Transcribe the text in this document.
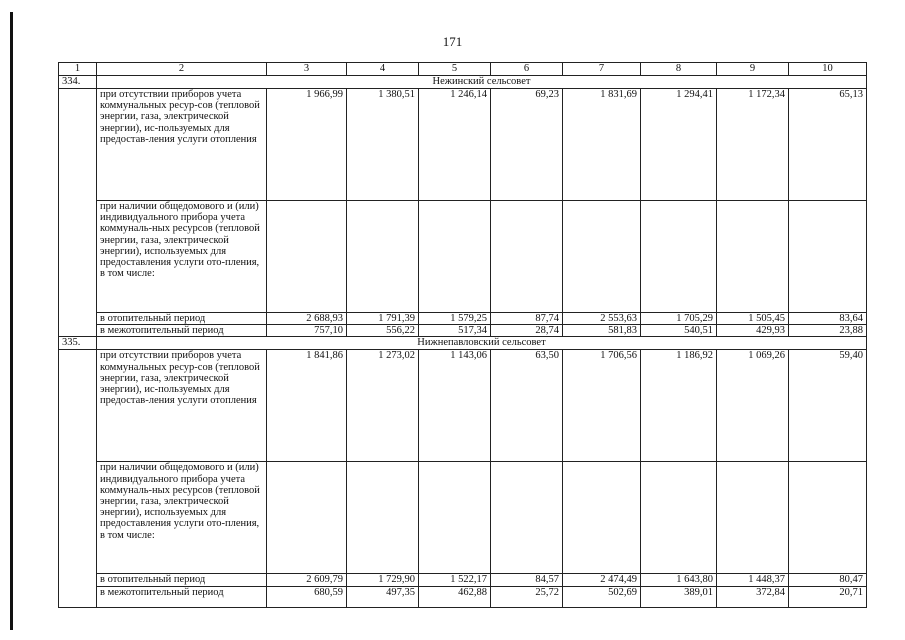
171
1	2	3	4	5	6	7	8	9	10
334.	Нежинский сельсовет								
	при отсутствии приборов учета коммунальных ресур-сов (тепловой энергии, газа, электрической энергии), ис-пользуемых для предостав-ления услуги отопления	1 966,99	1 380,51	1 246,14	69,23	1 831,69	1 294,41	1 172,34	65,13
	при наличии общедомового и (или) индивидуального прибора учета коммуналь-ных ресурсов (тепловой энергии, газа, электрической энергии), используемых для предоставления услуги ото-пления, в том числе:								
	в отопительный период	2 688,93	1 791,39	1 579,25	87,74	2 553,63	1 705,29	1 505,45	83,64
	в межотопительный период	757,10	556,22	517,34	28,74	581,83	540,51	429,93	23,88
335.	Нижнепавловский сельсовет								
	при отсутствии приборов учета коммунальных ресур-сов (тепловой энергии, газа, электрической энергии), ис-пользуемых для предостав-ления услуги отопления	1 841,86	1 273,02	1 143,06	63,50	1 706,56	1 186,92	1 069,26	59,40
	при наличии общедомового и (или) индивидуального прибора учета коммуналь-ных ресурсов (тепловой энергии, газа, электрической энергии), используемых для предоставления услуги ото-пления, в том числе:								
	в отопительный период	2 609,79	1 729,90	1 522,17	84,57	2 474,49	1 643,80	1 448,37	80,47
	в межотопительный период	680,59	497,35	462,88	25,72	502,69	389,01	372,84	20,71
